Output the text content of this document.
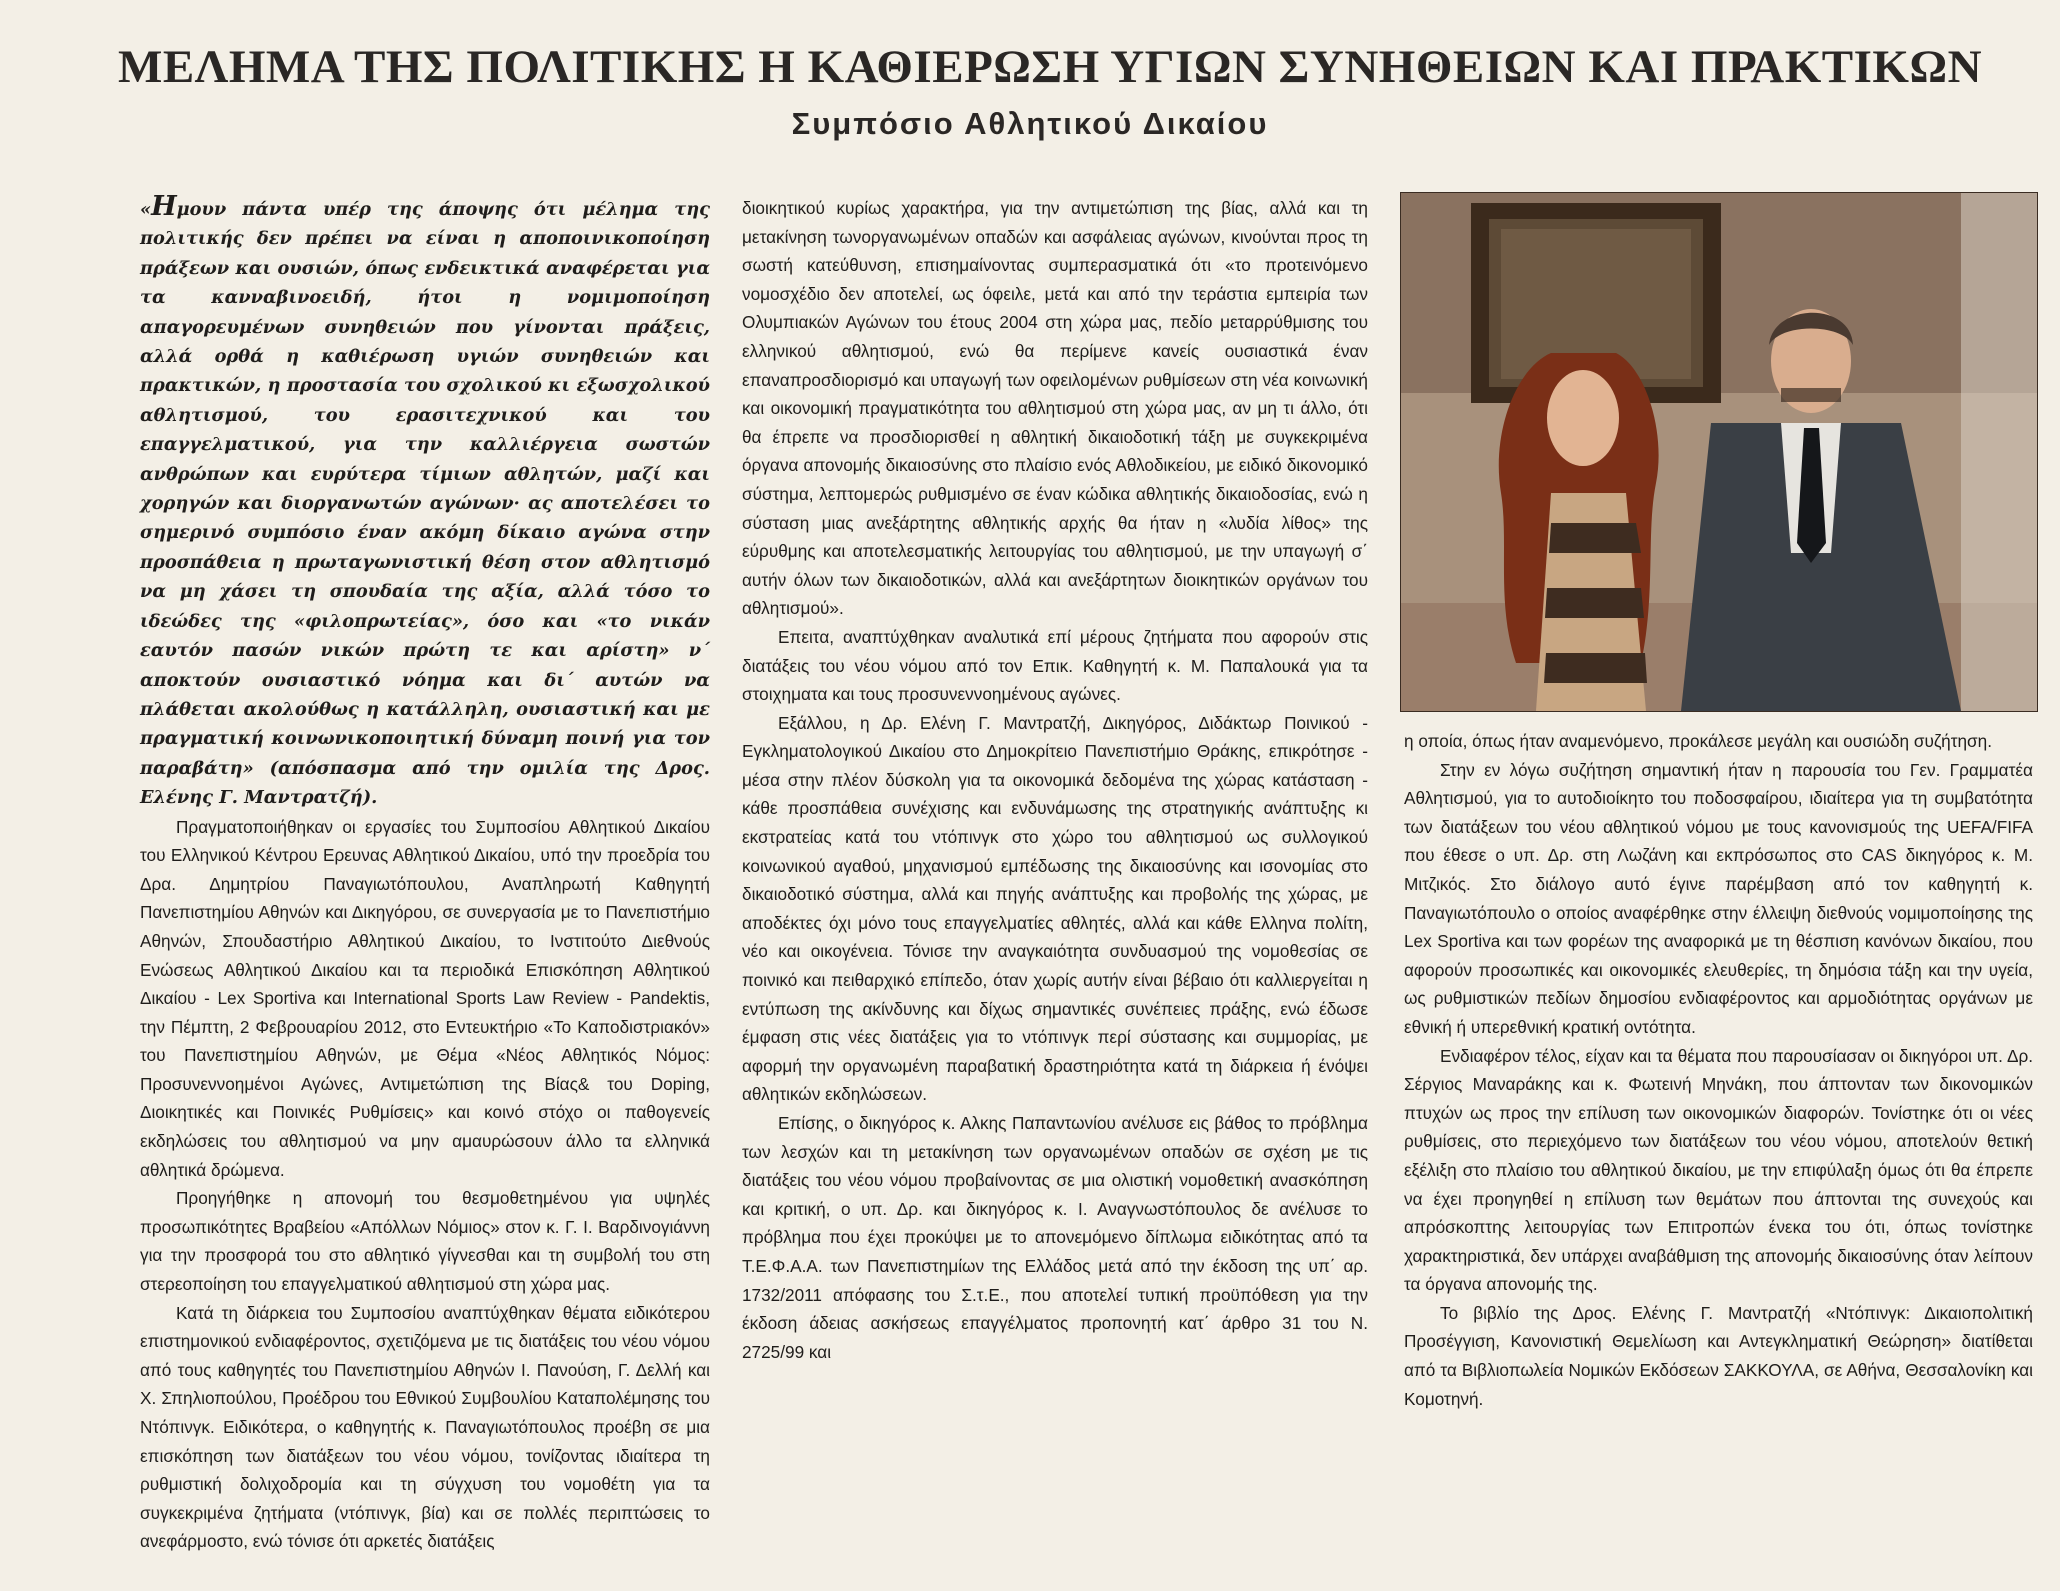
ΜΕΛΗΜΑ ΤΗΣ ΠΟΛΙΤΙΚΗΣ Η ΚΑΘΙΕΡΩΣΗ ΥΓΙΩΝ ΣΥΝΗΘΕΙΩΝ ΚΑΙ ΠΡΑΚΤΙΚΩΝ
Συμπόσιο Αθλητικού Δικαίου

«Ημουν πάντα υπέρ της άποψης ότι μέλημα της πολιτικής δεν πρέπει να είναι η αποποινικοποίηση πράξεων και ουσιών, όπως ενδεικτικά αναφέρεται για τα κανναβινοειδή, ήτοι η νομιμοποίηση απαγορευμένων συνηθειών που γίνονται πράξεις, αλλά ορθά η καθιέρωση υγιών συνηθειών και πρακτικών, η προστασία του σχολικού κι εξωσχολικού αθλητισμού, του ερασιτεχνικού και του επαγγελματικού, για την καλλιέργεια σωστών ανθρώπων και ευρύτερα τίμιων αθλητών, μαζί και χορηγών και διοργανωτών αγώνων· ας αποτελέσει το σημερινό συμπόσιο έναν ακόμη δίκαιο αγώνα στην προσπάθεια η πρωταγωνιστική θέση στον αθλητισμό να μη χάσει τη σπουδαία της αξία, αλλά τόσο το ιδεώδες της «φιλοπρωτείας», όσο και «το νικάν εαυτόν πασών νικών πρώτη τε και αρίστη» ν΄ αποκτούν ουσιαστικό νόημα και δι΄ αυτών να πλάθεται ακολούθως η κατάλληλη, ουσιαστική και με πραγματική κοινωνικοποιητική δύναμη ποινή για τον παραβάτη» (απόσπασμα από την ομιλία της Δρος. Ελένης Γ. Μαντρατζή).

Πραγματοποιήθηκαν οι εργασίες του Συμποσίου Αθλητικού Δικαίου του Ελληνικού Κέντρου Ερευνας Αθλητικού Δικαίου, υπό την προεδρία του Δρα. Δημητρίου Παναγιωτόπουλου, Αναπληρωτή Καθηγητή Πανεπιστημίου Αθηνών και Δικηγόρου, σε συνεργασία με το Πανεπιστήμιο Αθηνών, Σπουδαστήριο Αθλητικού Δικαίου, το Ινστιτούτο Διεθνούς Ενώσεως Αθλητικού Δικαίου και τα περιοδικά Επισκόπηση Αθλητικού Δικαίου - Lex Sportiva και International Sports Law Review - Pandektis, την Πέμπτη, 2 Φεβρουαρίου 2012, στο Εντευκτήριο «Το Καποδιστριακόν» του Πανεπιστημίου Αθηνών, με Θέμα «Νέος Αθλητικός Νόμος: Προσυνεννοημένοι Αγώνες, Αντιμετώπιση της Βίας& του Doping, Διοικητικές και Ποινικές Ρυθμίσεις» και κοινό στόχο οι παθογενείς εκδηλώσεις του αθλητισμού να μην αμαυρώσουν άλλο τα ελληνικά αθλητικά δρώμενα.

Προηγήθηκε η απονομή του θεσμοθετημένου για υψηλές προσωπικότητες Βραβείου «Απόλλων Νόμιος» στον κ. Γ. Ι. Βαρδινογιάννη για την προσφορά του στο αθλητικό γίγνεσθαι και τη συμβολή του στη στερεοποίηση του επαγγελματικού αθλητισμού στη χώρα μας.

Κατά τη διάρκεια του Συμποσίου αναπτύχθηκαν θέματα ειδικότερου επιστημονικού ενδιαφέροντος, σχετιζόμενα με τις διατάξεις του νέου νόμου από τους καθηγητές του Πανεπιστημίου Αθηνών Ι. Πανούση, Γ. Δελλή και Χ. Σπηλιοπούλου, Προέδρου του Εθνικού Συμβουλίου Καταπολέμησης του Ντόπινγκ. Ειδικότερα, ο καθηγητής κ. Παναγιωτόπουλος προέβη σε μια επισκόπηση των διατάξεων του νέου νόμου, τονίζοντας ιδιαίτερα τη ρυθμιστική δολιχοδρομία και τη σύγχυση του νομοθέτη για τα συγκεκριμένα ζητήματα (ντόπινγκ, βία) και σε πολλές περιπτώσεις το ανεφάρμοστο, ενώ τόνισε ότι αρκετές διατάξεις

διοικητικού κυρίως χαρακτήρα, για την αντιμετώπιση της βίας, αλλά και τη μετακίνηση τωνοργανωμένων οπαδών και ασφάλειας αγώνων, κινούνται προς τη σωστή κατεύθυνση, επισημαίνοντας συμπερασματικά ότι «το προτεινόμενο νομοσχέδιο δεν αποτελεί, ως όφειλε, μετά και από την τεράστια εμπειρία των Ολυμπιακών Αγώνων του έτους 2004 στη χώρα μας, πεδίο μεταρρύθμισης του ελληνικού αθλητισμού, ενώ θα περίμενε κανείς ουσιαστικά έναν επαναπροσδιορισμό και υπαγωγή των οφειλομένων ρυθμίσεων στη νέα κοινωνική και οικονομική πραγματικότητα του αθλητισμού στη χώρα μας, αν μη τι άλλο, ότι θα έπρεπε να προσδιορισθεί η αθλητική δικαιοδοτική τάξη με συγκεκριμένα όργανα απονομής δικαιοσύνης στο πλαίσιο ενός Αθλοδικείου, με ειδικό δικονομικό σύστημα, λεπτομερώς ρυθμισμένο σε έναν κώδικα αθλητικής δικαιοδοσίας, ενώ η σύσταση μιας ανεξάρτητης αθλητικής αρχής θα ήταν η «λυδία λίθος» της εύρυθμης και αποτελεσματικής λειτουργίας του αθλητισμού, με την υπαγωγή σ΄ αυτήν όλων των δικαιοδοτικών, αλλά και ανεξάρτητων διοικητικών οργάνων του αθλητισμού».

Επειτα, αναπτύχθηκαν αναλυτικά επί μέρους ζητήματα που αφορούν στις διατάξεις του νέου νόμου από τον Επικ. Καθηγητή κ. Μ. Παπαλουκά για τα στοιχηματα και τους προσυνεννοημένους αγώνες.

Εξάλλου, η Δρ. Ελένη Γ. Μαντρατζή, Δικηγόρος, Διδάκτωρ Ποινικού - Εγκληματολογικού Δικαίου στο Δημοκρίτειο Πανεπιστήμιο Θράκης, επικρότησε - μέσα στην πλέον δύσκολη για τα οικονομικά δεδομένα της χώρας κατάσταση - κάθε προσπάθεια συνέχισης και ενδυνάμωσης της στρατηγικής ανάπτυξης κι εκστρατείας κατά του ντόπινγκ στο χώρο του αθλητισμού ως συλλογικού κοινωνικού αγαθού, μηχανισμού εμπέδωσης της δικαιοσύνης και ισονομίας στο δικαιοδοτικό σύστημα, αλλά και πηγής ανάπτυξης και προβολής της χώρας, με αποδέκτες όχι μόνο τους επαγγελματίες αθλητές, αλλά και κάθε Ελληνα πολίτη, νέο και οικογένεια. Τόνισε την αναγκαιότητα συνδυασμού της νομοθεσίας σε ποινικό και πειθαρχικό επίπεδο, όταν χωρίς αυτήν είναι βέβαιο ότι καλλιεργείται η εντύπωση της ακίνδυνης και δίχως σημαντικές συνέπειες πράξης, ενώ έδωσε έμφαση στις νέες διατάξεις για το ντόπινγκ περί σύστασης και συμμορίας, με αφορμή την οργανωμένη παραβατική δραστηριότητα κατά τη διάρκεια ή ένόψει αθλητικών εκδηλώσεων.

Επίσης, ο δικηγόρος κ. Αλκης Παπαντωνίου ανέλυσε εις βάθος το πρόβλημα των λεσχών και τη μετακίνηση των οργανωμένων οπαδών σε σχέση με τις διατάξεις του νέου νόμου προβαίνοντας σε μια ολιστική νομοθετική ανασκόπηση και κριτική, ο υπ. Δρ. και δικηγόρος κ. Ι. Αναγνωστόπουλος δε ανέλυσε το πρόβλημα που έχει προκύψει με το απονεμόμενο δίπλωμα ειδικότητας από τα Τ.Ε.Φ.Α.Α. των Πανεπιστημίων της Ελλάδος μετά από την έκδοση της υπ΄ αρ. 1732/2011 απόφασης του Σ.τ.Ε., που αποτελεί τυπική προϋπόθεση για την έκδοση άδειας ασκήσεως επαγγέλματος προπονητή κατ΄ άρθρο 31 του Ν. 2725/99 και

η οποία, όπως ήταν αναμενόμενο, προκάλεσε μεγάλη και ουσιώδη συζήτηση.

Στην εν λόγω συζήτηση σημαντική ήταν η παρουσία του Γεν. Γραμματέα Αθλητισμού, για το αυτοδιοίκητο του ποδοσφαίρου, ιδιαίτερα για τη συμβατότητα των διατάξεων του νέου αθλητικού νόμου με τους κανονισμούς της UEFA/FIFA που έθεσε ο υπ. Δρ. στη Λωζάνη και εκπρόσωπος στο CAS δικηγόρος κ. Μ. Μιτζικός. Στο διάλογο αυτό έγινε παρέμβαση από τον καθηγητή κ. Παναγιωτόπουλο ο οποίος αναφέρθηκε στην έλλειψη διεθνούς νομιμοποίησης της Lex Sportiva και των φορέων της αναφορικά με τη θέσπιση κανόνων δικαίου, που αφορούν προσωπικές και οικονομικές ελευθερίες, τη δημόσια τάξη και την υγεία, ως ρυθμιστικών πεδίων δημοσίου ενδιαφέροντος και αρμοδιότητας οργάνων με εθνική ή υπερεθνική κρατική οντότητα.

Ενδιαφέρον τέλος, είχαν και τα θέματα που παρουσίασαν οι δικηγόροι υπ. Δρ. Σέργιος Μαναράκης και κ. Φωτεινή Μηνάκη, που άπτονταν των δικονομικών πτυχών ως προς την επίλυση των οικονομικών διαφορών. Τονίστηκε ότι οι νέες ρυθμίσεις, στο περιεχόμενο των διατάξεων του νέου νόμου, αποτελούν θετική εξέλιξη στο πλαίσιο του αθλητικού δικαίου, με την επιφύλαξη όμως ότι θα έπρεπε να έχει προηγηθεί η επίλυση των θεμάτων που άπτονται της συνεχούς και απρόσκοπτης λειτουργίας των Επιτροπών ένεκα του ότι, όπως τονίστηκε χαρακτηριστικά, δεν υπάρχει αναβάθμιση της απονομής δικαιοσύνης όταν λείπουν τα όργανα απονομής της.

Το βιβλίο της Δρος. Ελένης Γ. Μαντρατζή «Ντόπινγκ: Δικαιοπολιτική Προσέγγιση, Κανονιστική Θεμελίωση και Αντεγκληματική Θεώρηση» διατίθεται από τα Βιβλιοπωλεία Νομικών Εκδόσεων ΣΑΚΚΟΥΛΑ, σε Αθήνα, Θεσσαλονίκη και Κομοτηνή.
